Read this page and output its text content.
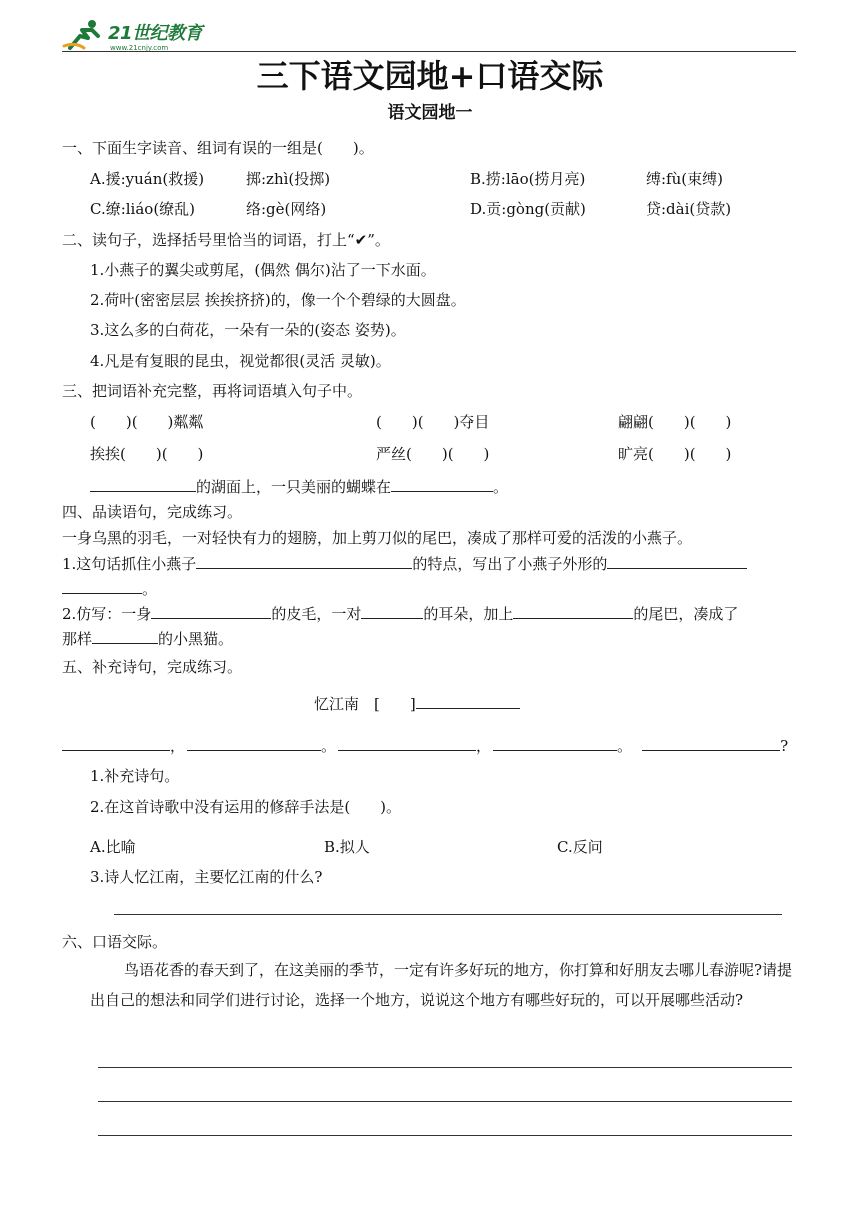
21世纪教育
www.21cnjy.com
三下语文园地+口语交际
语文园地一
一、下面生字读音、组词有误的一组是(　　)。
A.援:yuán(救援)	掷:zhì(投掷)	B.捞:lāo(捞月亮)	缚:fù(束缚)
C.缭:liáo(缭乱)	络:gè(网络)	D.贡:gòng(贡献)	贷:dài(贷款)
二、读句子，选择括号里恰当的词语，打上“✔”。
1.小燕子的翼尖或剪尾，(偶然 偶尔)沾了一下水面。
2.荷叶(密密层层 挨挨挤挤)的，像一个个碧绿的大圆盘。
3.这么多的白荷花，一朵有一朵的(姿态 姿势)。
4.凡是有复眼的昆虫，视觉都很(灵活 灵敏)。
三、把词语补充完整，再将词语填入句子中。
(　　)(　　)粼粼	(　　)(　　)夺目	翩翩(　　)(　　)
挨挨(　　)(　　)	严丝(　　)(　　)	旷亮(　　)(　　)
的湖面上，一只美丽的蝴蝶在	。
四、品读语句，完成练习。
一身乌黑的羽毛，一对轻快有力的翅膀，加上剪刀似的尾巴，凑成了那样可爱的活泼的小燕子。
1.这句话抓住小燕子	的特点，写出了小燕子外形的
。
2.仿写：一身	的皮毛，一对	的耳朵，加上	的尾巴，凑成了
那样	的小黑猫。
五、补充诗句，完成练习。
忆江南　[　　]
，	。	，	。	?
1.补充诗句。
2.在这首诗歌中没有运用的修辞手法是(　　)。
A.比喻	B.拟人	C.反问
3.诗人忆江南，主要忆江南的什么?
六、口语交际。
鸟语花香的春天到了，在这美丽的季节，一定有许多好玩的地方，你打算和好朋友去哪儿春游呢?请提出自己的想法和同学们进行讨论，选择一个地方，说说这个地方有哪些好玩的，可以开展哪些活动?
